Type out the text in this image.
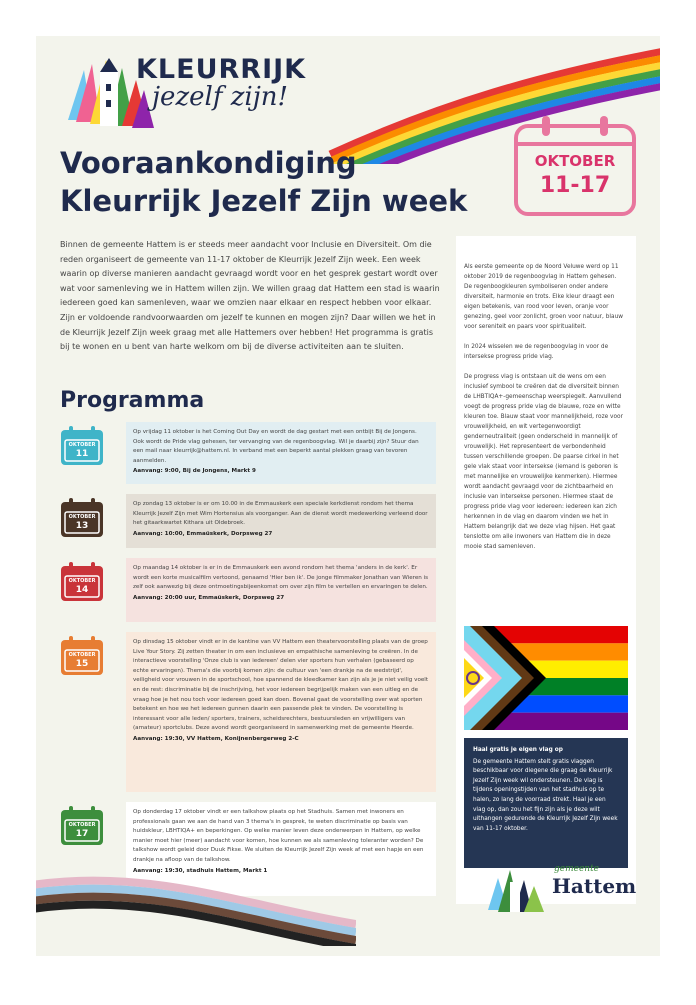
KLEURRIJK
jezelf zijn!
OKTOBER
11-17
Vooraankondiging Kleurrijk Jezelf Zijn week

Binnen de gemeente Hattem is er steeds meer aandacht voor Inclusie en Diversiteit. Om die reden organiseert de gemeente van 11-17 oktober de Kleurrijk Jezelf Zijn week. Een week waarin op diverse manieren aandacht gevraagd wordt voor en het gesprek gestart wordt over wat voor samenleving we in Hattem willen zijn. We willen graag dat Hattem een stad is waarin iedereen goed kan samenleven, waar we omzien naar elkaar en respect hebben voor elkaar. Zijn er voldoende randvoorwaarden om jezelf te kunnen en mogen zijn? Daar willen we het in de Kleurrijk Jezelf Zijn week graag met alle Hattemers over hebben! Het programma is gratis bij te wonen en u bent van harte welkom om bij de diverse activiteiten aan te sluiten.

Programma
OKTOBER
11
Op vrijdag 11 oktober is het Coming Out Day en wordt de dag gestart met een ontbijt Bij de Jongens. Ook wordt de Pride vlag gehesen, ter vervanging van de regenboogvlag. Wil je daarbij zijn? Stuur dan een mail naar kleurrijk@hattem.nl. In verband met een beperkt aantal plekken graag van tevoren aanmelden.
Aanvang: 9:00, Bij de Jongens, Markt 9
OKTOBER
13
Op zondag 13 oktober is er om 10.00 in de Emmauskerk een speciale kerkdienst rondom het thema Kleurrijk Jezelf Zijn met Wim Hortensius als voorganger. Aan de dienst wordt medewerking verleend door het gitaarkwartet Kithara uit Oldebroek.
Aanvang: 10:00, Emmaüskerk, Dorpsweg 27
OKTOBER
14
Op maandag 14 oktober is er in de Emmauskerk een avond rondom het thema 'anders in de kerk'. Er wordt een korte musicalfilm vertoond, genaamd 'Hier ben ik'. De jonge filmmaker Jonathan van Wieren is zelf ook aanwezig bij deze ontmoetingsbijeenkomst om over zijn film te vertellen en ervaringen te delen.
Aanvang: 20:00 uur, Emmaüskerk, Dorpsweg 27
OKTOBER
15
Op dinsdag 15 oktober vindt er in de kantine van VV Hattem een theatervoorstelling plaats van de groep Live Your Story. Zij zetten theater in om een inclusieve en empathische samenleving te creëren. In de interactieve voorstelling 'Onze club is van iedereen' delen vier sporters hun verhalen (gebaseerd op echte ervaringen). Thema's die voorbij komen zijn: de cultuur van 'een drankje na de wedstrijd', veiligheid voor vrouwen in de sportschool, hoe spannend de kleedkamer kan zijn als je je niet veilig voelt en de rest: discriminatie bij de inschrijving, het voor iedereen begrijpelijk maken van een uitleg en de vraag hoe je het nou toch voor iedereen goed kan doen. Bovenal gaat de voorstelling over wat sporten betekent en hoe we het iedereen gunnen daarin een passende plek te vinden. De voorstelling is interessant voor alle leden/ sporters, trainers, scheidsrechters, bestuursleden en vrijwilligers van (amateur) sportclubs. Deze avond wordt georganiseerd in samenwerking met de gemeente Heerde.
Aanvang: 19:30, VV Hattem, Konijnenbergerweg 2-C
OKTOBER
17
Op donderdag 17 oktober vindt er een talkshow plaats op het Stadhuis. Samen met inwoners en professionals gaan we aan de hand van 3 thema's in gesprek, te weten discriminatie op basis van huidskleur, LBHTIQA+ en beperkingen. Op welke manier leven deze onderwerpen in Hattem, op welke manier moet hier (meer) aandacht voor komen, hoe kunnen we als samenleving toleranter worden? De talkshow wordt geleid door Duuk Fikse. We sluiten de Kleurrijk Jezelf Zijn week af met een hapje en een drankje na afloop van de talkshow.
Aanvang: 19:30, stadhuis Hattem, Markt 1

Als eerste gemeente op de Noord Veluwe werd op 11 oktober 2019 de regenboogvlag in Hattem gehesen. De regenboogkleuren symboliseren onder andere diversiteit, harmonie en trots. Elke kleur draagt een eigen betekenis, van rood voor leven, oranje voor genezing, geel voor zonlicht, groen voor natuur, blauw voor sereniteit en paars voor spiritualiteit.

In 2024 wisselen we de regenboogvlag in voor de intersekse progress pride vlag.

De progress vlag is ontstaan uit de wens om een inclusief symbool te creëren dat de diversiteit binnen de LHBTIQA+-gemeenschap weerspiegelt. Aanvullend voegt de progress pride vlag de blauwe, roze en witte kleuren toe. Blauw staat voor mannelijkheid, roze voor vrouwelijkheid, en wit vertegenwoordigt genderneutraliteit (geen onderscheid in mannelijk of vrouwelijk). Het representeert de verbondenheid tussen verschillende groepen. De paarse cirkel in het gele vlak staat voor intersekse (iemand is geboren is met mannelijke en vrouwelijke kenmerken). Hiermee wordt aandacht gevraagd voor de zichtbaarheid en inclusie van intersekse personen. Hiermee staat de progress pride vlag voor iedereen: iedereen kan zich herkennen in de vlag en daarom vinden we het in Hattem belangrijk dat we deze vlag hijsen. Het gaat tenslotte om alle inwoners van Hattem die in deze mooie stad samenleven.

Haal gratis je eigen vlag op
De gemeente Hattem stelt gratis vlaggen beschikbaar voor diegene die graag de Kleurrijk Jezelf Zijn week wil ondersteunen. De vlag is tijdens openingstijden van het stadhuis op te halen, zo lang de voorraad strekt. Haal je een vlag op, dan zou het fijn zijn als je deze wilt uithangen gedurende de Kleurrijk Jezelf Zijn week van 11-17 oktober.
gemeente
Hattem
